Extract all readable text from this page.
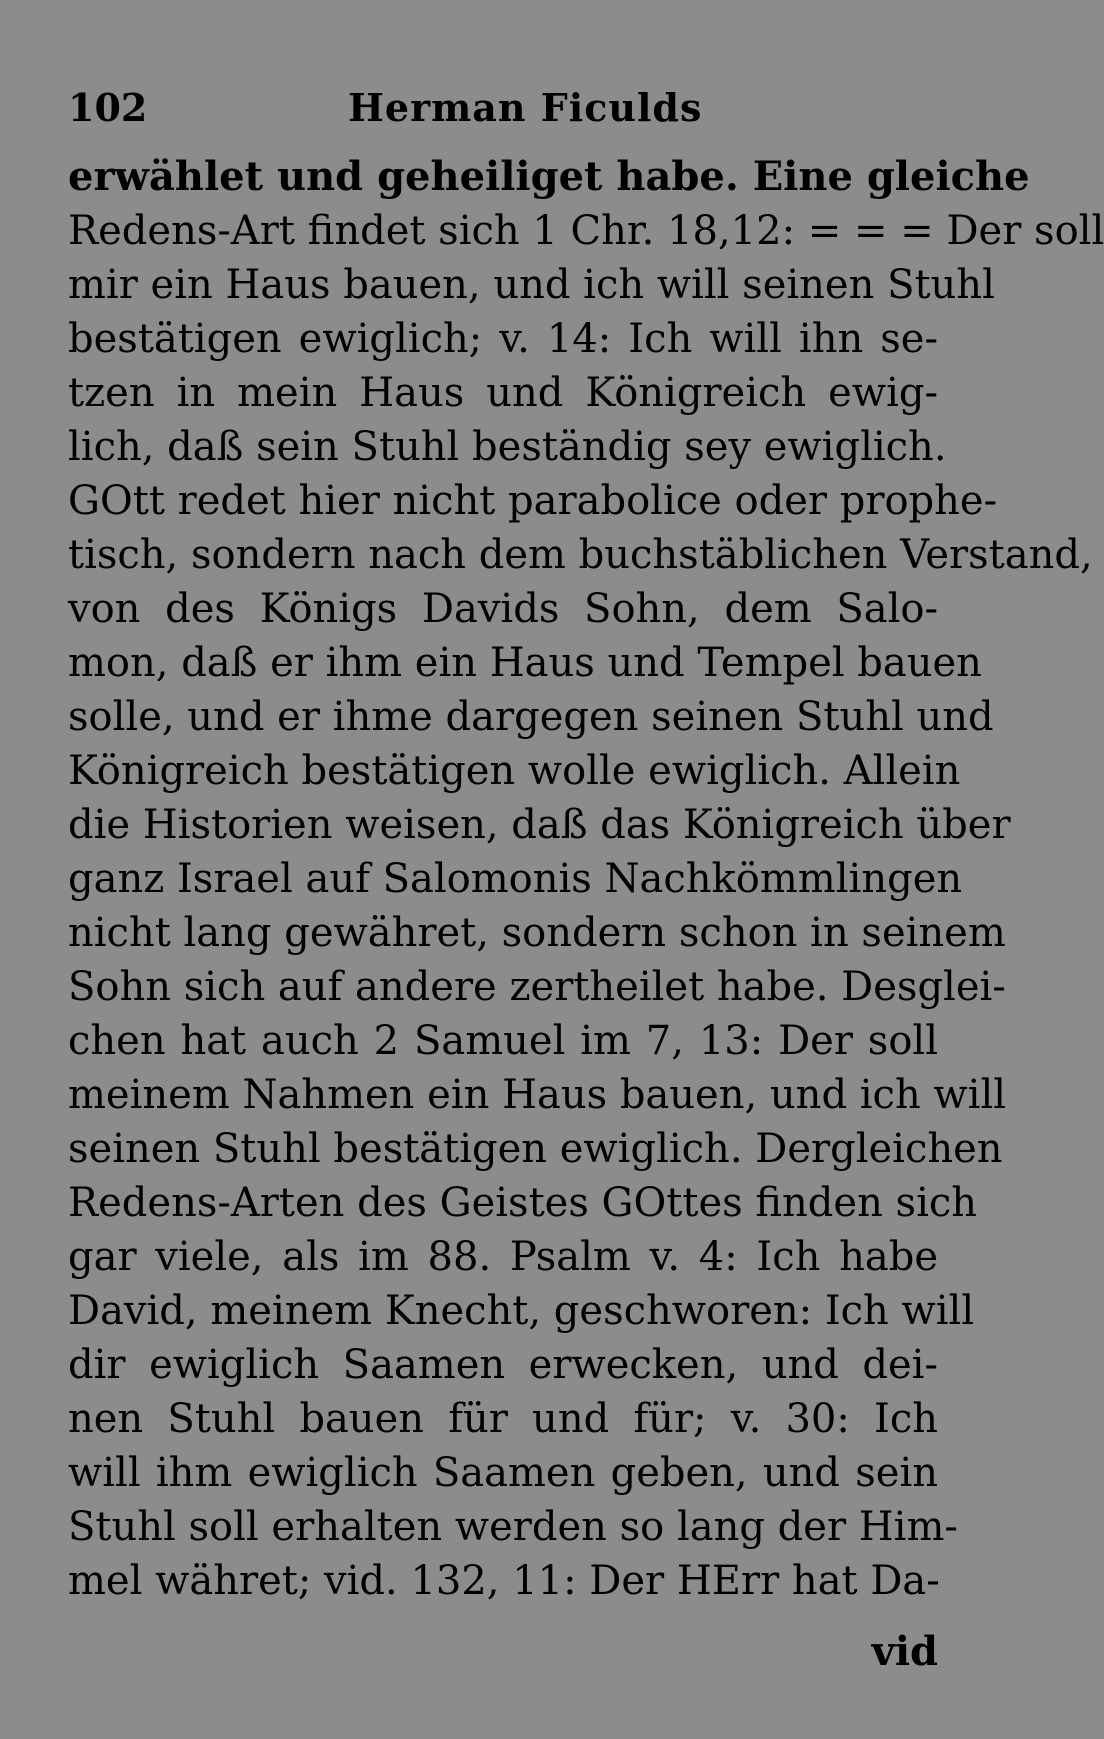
102	Herman Ficulds
erwählet und geheiliget habe. Eine gleiche
Redens-Art findet sich 1 Chr. 18,12: = = = Der soll
mir ein Haus bauen, und ich will seinen Stuhl
bestätigen ewiglich; v. 14: Ich will ihn se-
tzen in mein Haus und Königreich ewig-
lich, daß sein Stuhl beständig sey ewiglich.
GOtt redet hier nicht parabolice oder prophe-
tisch, sondern nach dem buchstäblichen Verstand,
von des Königs Davids Sohn, dem Salo-
mon, daß er ihm ein Haus und Tempel bauen
solle, und er ihme dargegen seinen Stuhl und
Königreich bestätigen wolle ewiglich. Allein
die Historien weisen, daß das Königreich über
ganz Israel auf Salomonis Nachkömmlingen
nicht lang gewähret, sondern schon in seinem
Sohn sich auf andere zertheilet habe. Desglei-
chen hat auch 2 Samuel im 7, 13: Der soll
meinem Nahmen ein Haus bauen, und ich will
seinen Stuhl bestätigen ewiglich. Dergleichen
Redens-Arten des Geistes GOttes finden sich
gar viele, als im 88. Psalm v. 4: Ich habe
David, meinem Knecht, geschworen: Ich will
dir ewiglich Saamen erwecken, und dei-
nen Stuhl bauen für und für; v. 30: Ich
will ihm ewiglich Saamen geben, und sein
Stuhl soll erhalten werden so lang der Him-
mel währet; vid. 132, 11: Der HErr hat Da-
vid
